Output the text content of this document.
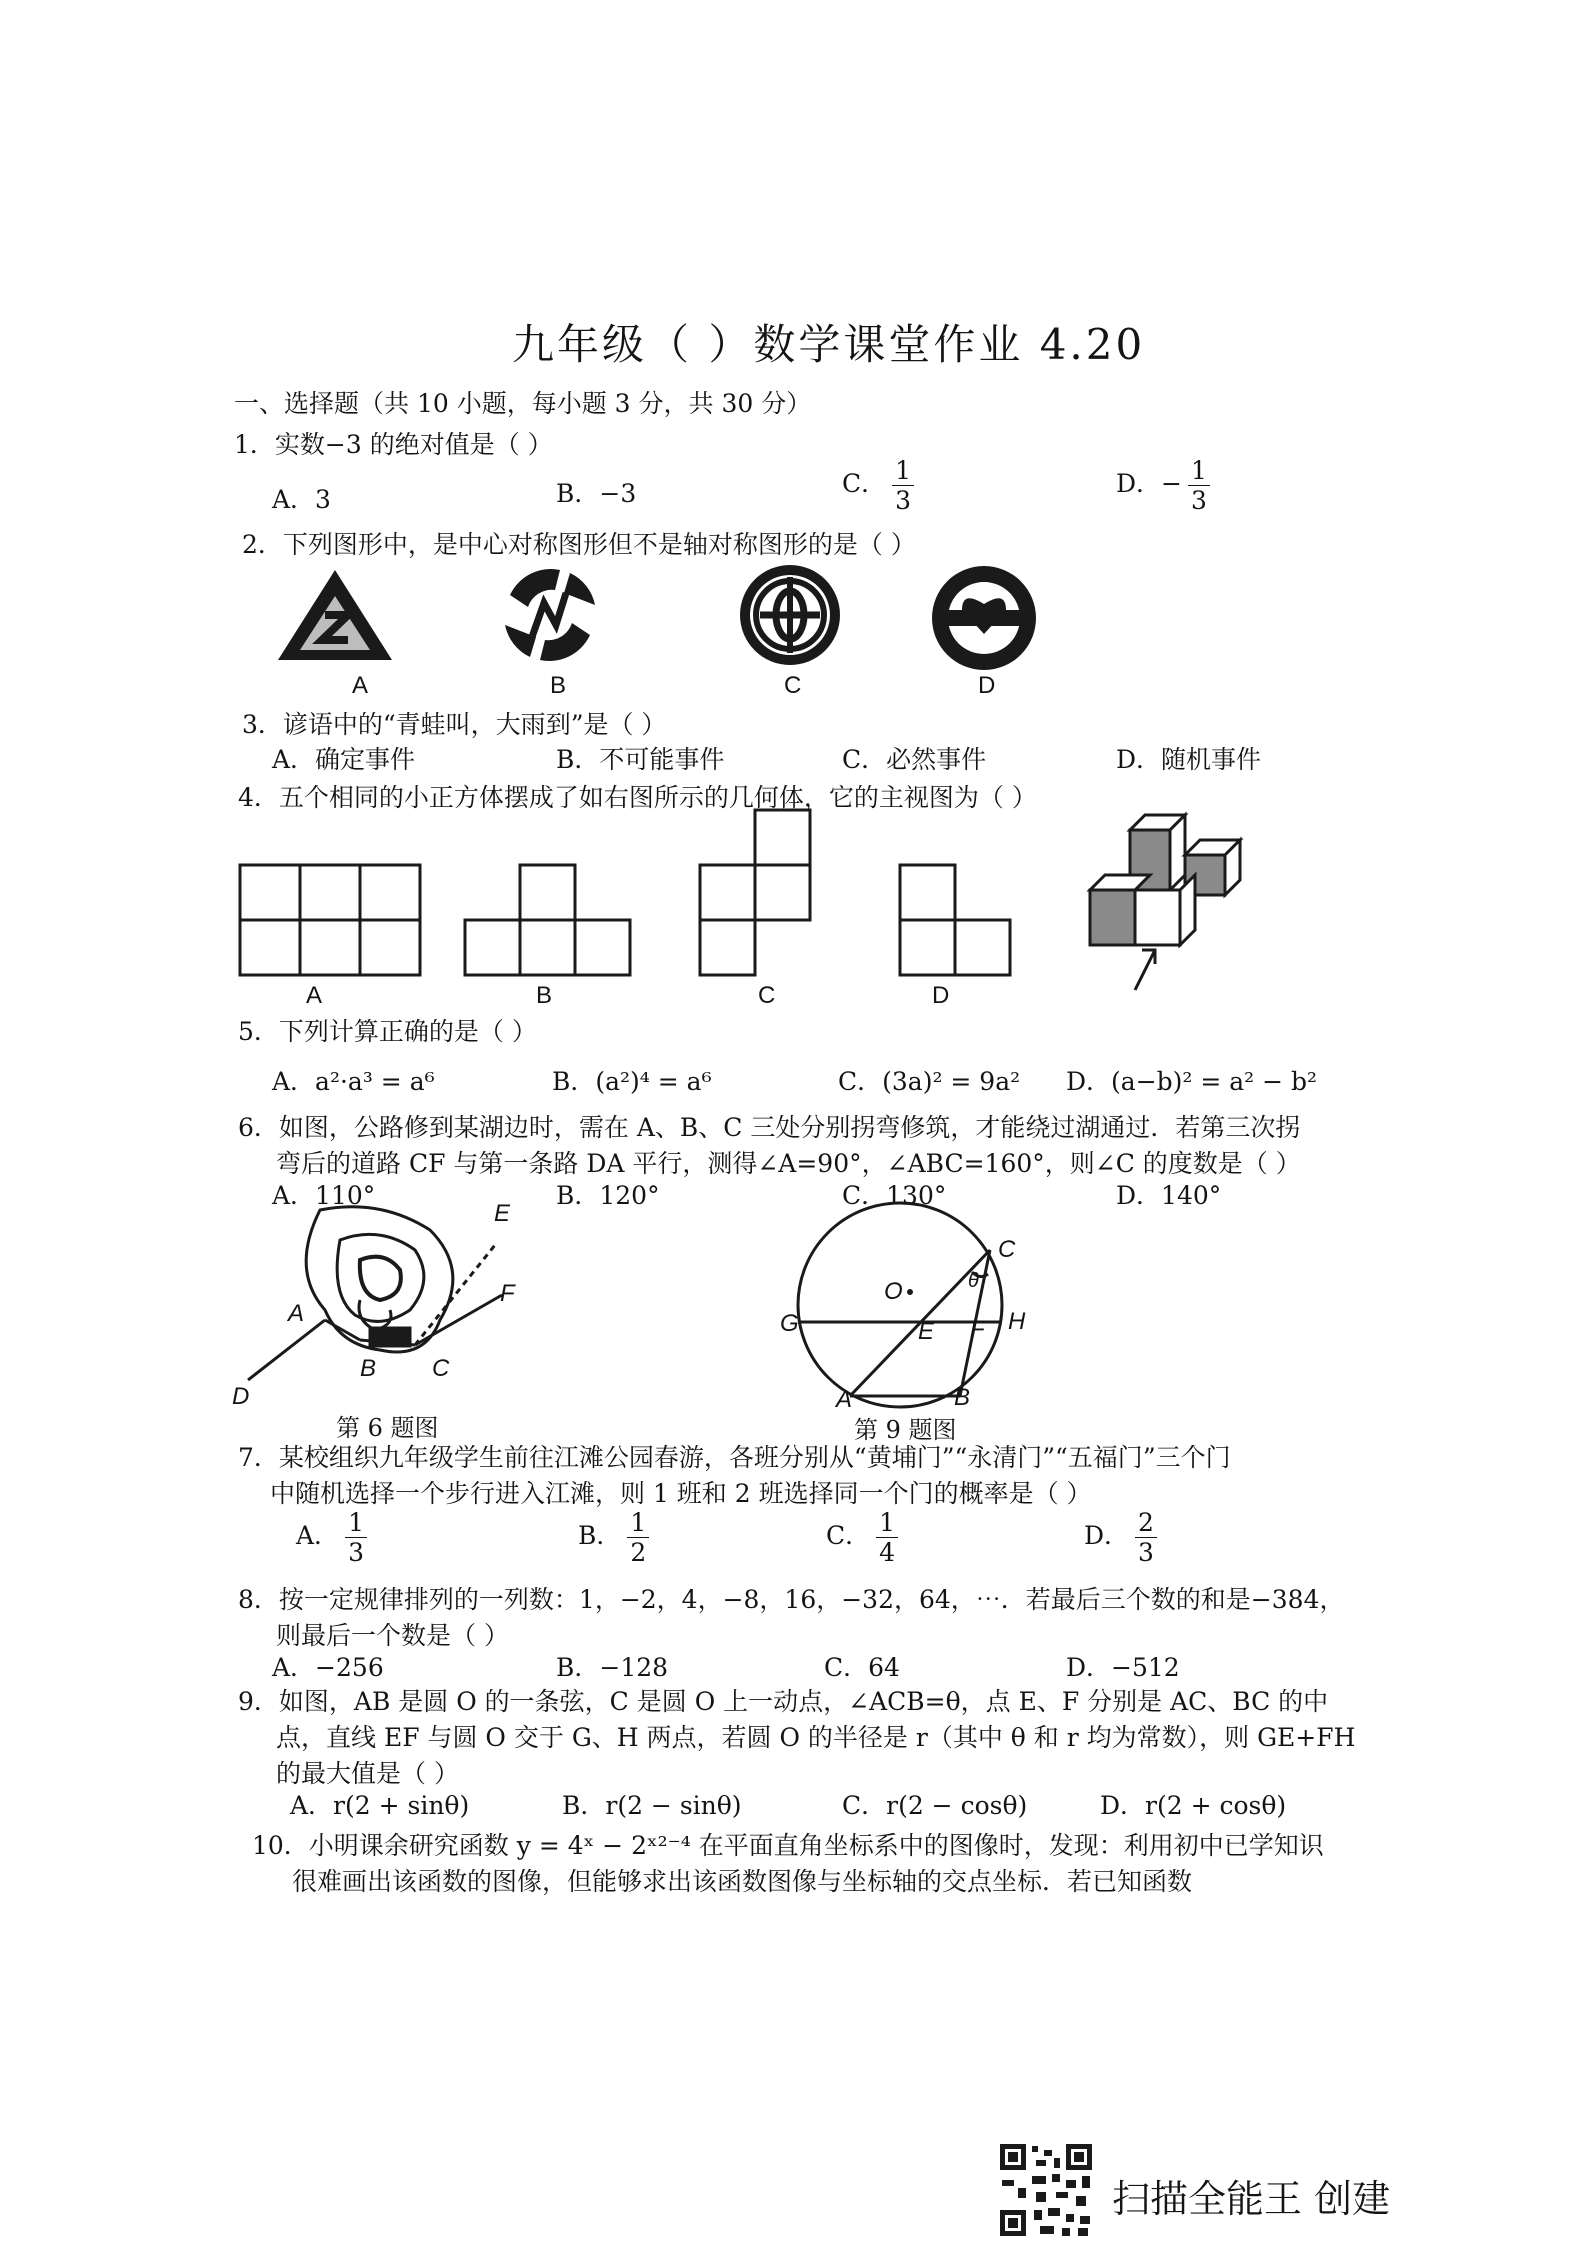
九年级（ ）数学课堂作业 4.20
一、选择题（共 10 小题，每小题 3 分，共 30 分）
1．实数−3 的绝对值是（ ）
A．3	B．−3	C． $\frac{1}{3}$	D．− $\frac{1}{3}$
2．下列图形中，是中心对称图形但不是轴对称图形的是（ ）
A	B	C	D
3．谚语中的“青蛙叫，大雨到”是（ ）
A．确定事件	B．不可能事件	C．必然事件	D．随机事件
4．五个相同的小正方体摆成了如右图所示的几何体，它的主视图为（ ）
A	B	C	D
5．下列计算正确的是（ ）
A．a²·a³ = a⁶	B．(a²)⁴ = a⁶	C．(3a)² = 9a² D．(a−b)² = a² − b²
6．如图，公路修到某湖边时，需在 A、B、C 三处分别拐弯修筑，才能绕过湖通过．若第三次拐
弯后的道路 CF 与第一条路 DA 平行，测得∠A=90°，∠ABC=160°，则∠C 的度数是（ ）
A．110°	B．120°	C．130°	D．140°
A
B C
D
E
F
第 6 题图
O
G	H
E F
C
A	B
θ
第 9 题图
7．某校组织九年级学生前往江滩公园春游，各班分别从“黄埔门”“永清门”“五福门”三个门
中随机选择一个步行进入江滩，则 1 班和 2 班选择同一个门的概率是（ ）
A． $\frac{1}{3}$	B． $\frac{1}{2}$	C． $\frac{1}{4}$	D． $\frac{2}{3}$
8．按一定规律排列的一列数：1，−2，4，−8，16，−32，64，⋯．若最后三个数的和是−384，
则最后一个数是（ ）
A．−256	B．−128	C．64	D．−512
9．如图，AB 是圆 O 的一条弦，C 是圆 O 上一动点，∠ACB=θ，点 E、F 分别是 AC、BC 的中
点，直线 EF 与圆 O 交于 G、H 两点，若圆 O 的半径是 r（其中 θ 和 r 均为常数），则 GE+FH
的最大值是（ ）
A．r(2 + sinθ)	B．r(2 − sinθ)	C．r(2 − cosθ)	D．r(2 + cosθ)
10．小明课余研究函数 y = 4ˣ − 2ˣ²⁻⁴ 在平面直角坐标系中的图像时，发现：利用初中已学知识
很难画出该函数的图像，但能够求出该函数图像与坐标轴的交点坐标．若已知函数
扫描全能王 创建
